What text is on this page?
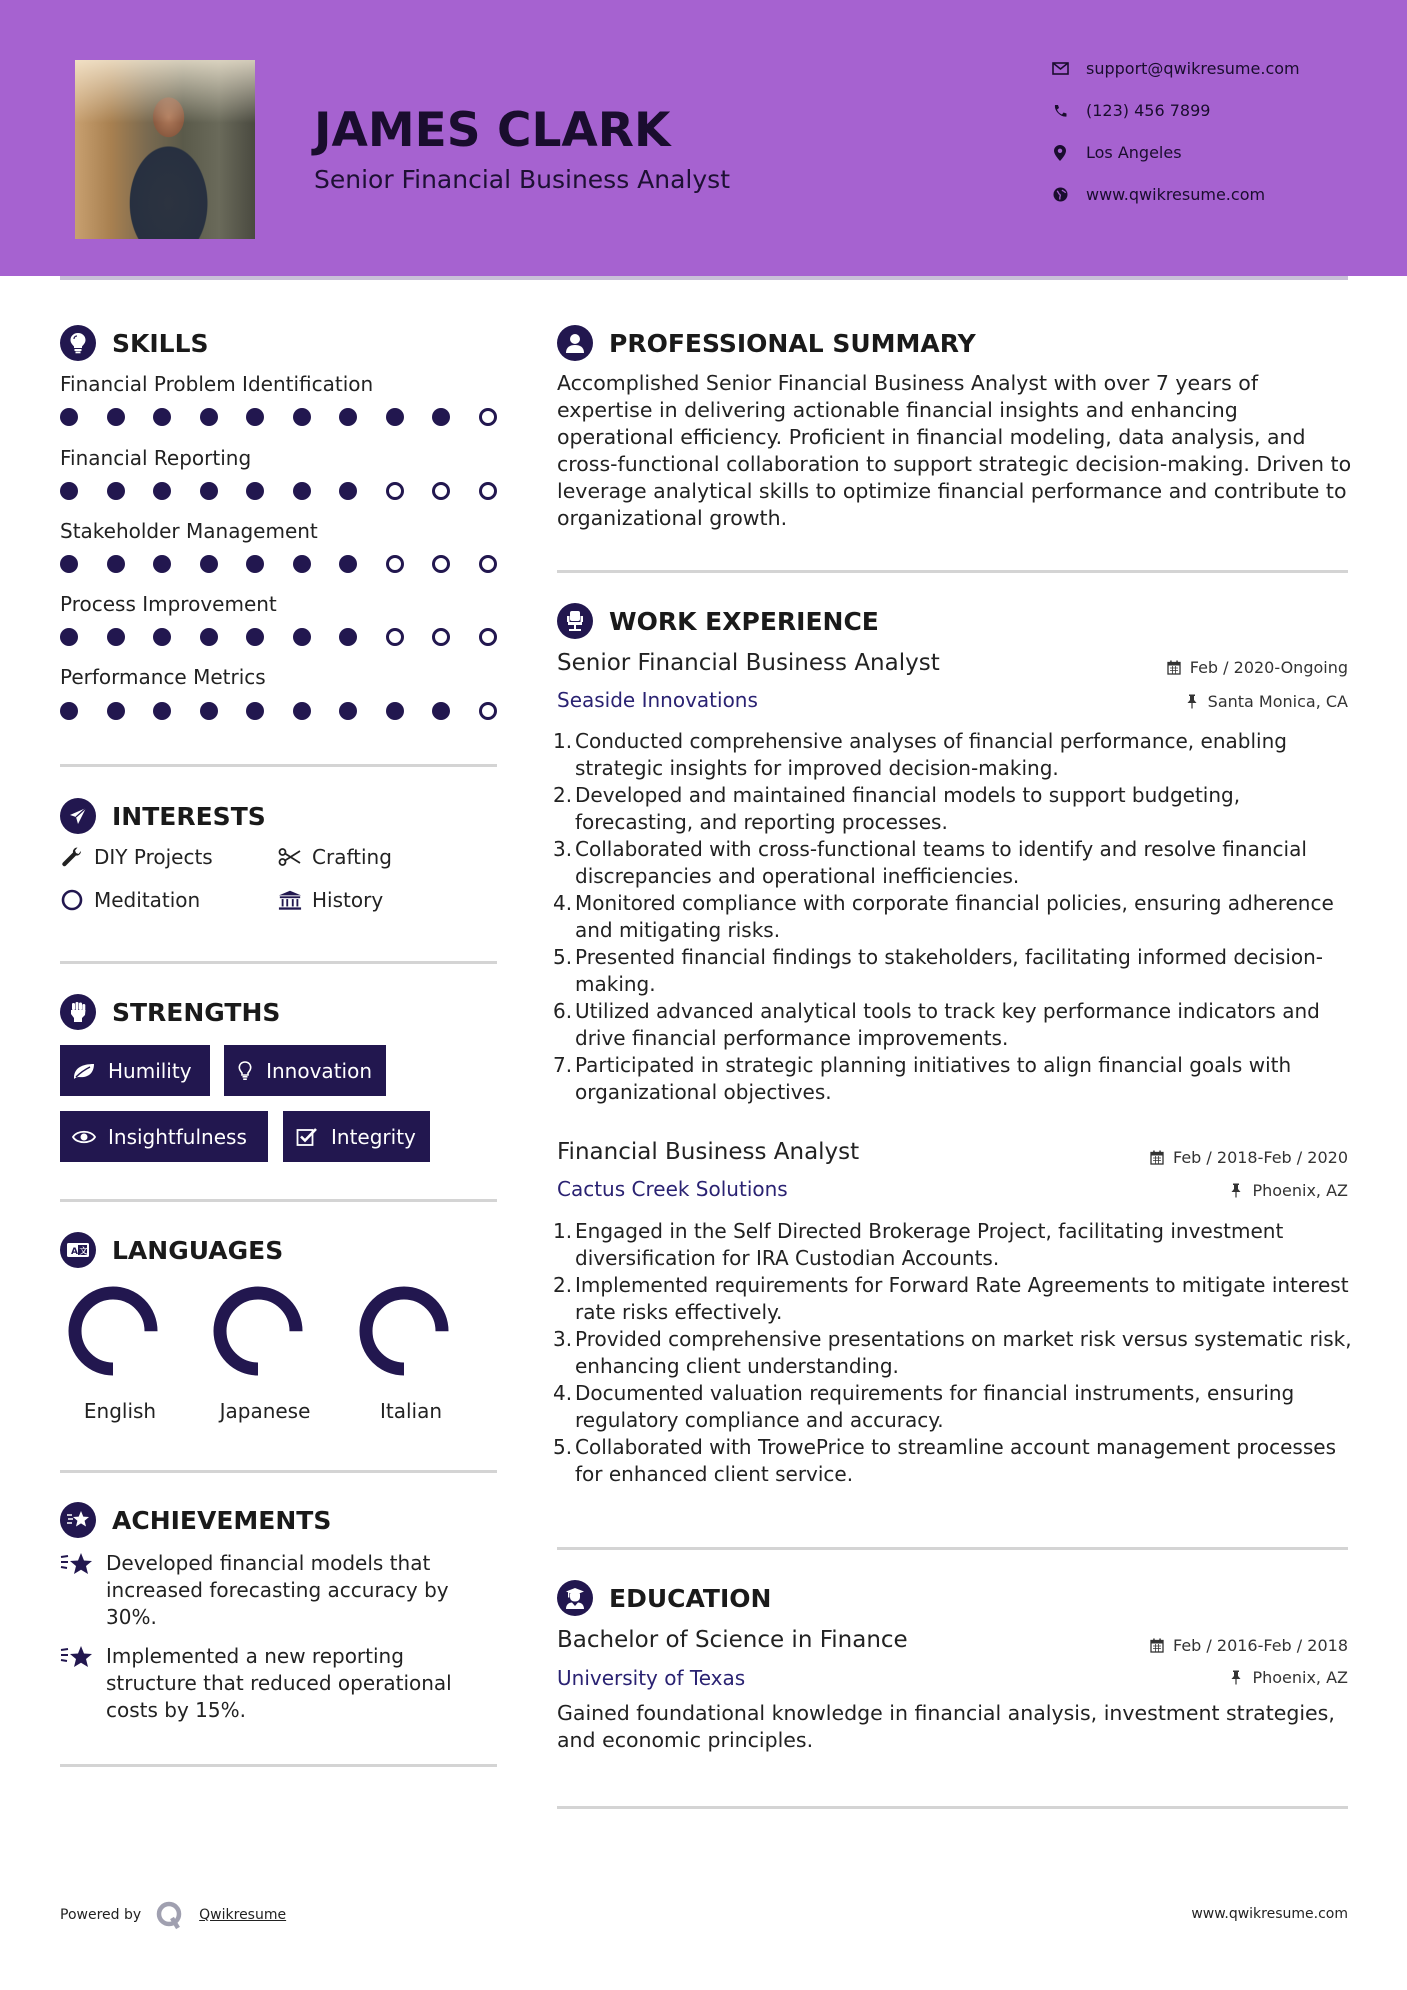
JAMES CLARK
Senior Financial Business Analyst
support@qwikresume.com
(123) 456 7899
Los Angeles
www.qwikresume.com
SKILLS
Financial Problem Identification
Financial Reporting
Stakeholder Management
Process Improvement
Performance Metrics
INTERESTS
DIY Projects	Crafting
Meditation	History
STRENGTHS
Humility	Innovation
Insightfulness	Integrity
A 文 LANGUAGES
English	Japanese	Italian
ACHIEVEMENTS
Developed financial models that increased forecasting accuracy by 30%.
Implemented a new reporting structure that reduced operational costs by 15%.
PROFESSIONAL SUMMARY
Accomplished Senior Financial Business Analyst with over 7 years of expertise in delivering actionable financial insights and enhancing operational efficiency. Proficient in financial modeling, data analysis, and cross-functional collaboration to support strategic decision-making. Driven to leverage analytical skills to optimize financial performance and contribute to organizational growth.
WORK EXPERIENCE
Senior Financial Business Analyst	Feb / 2020-Ongoing
Seaside Innovations	Santa Monica, CA
1. Conducted comprehensive analyses of financial performance, enabling strategic insights for improved decision-making.
2. Developed and maintained financial models to support budgeting, forecasting, and reporting processes.
3. Collaborated with cross-functional teams to identify and resolve financial discrepancies and operational inefficiencies.
4. Monitored compliance with corporate financial policies, ensuring adherence and mitigating risks.
5. Presented financial findings to stakeholders, facilitating informed decision-making.
6. Utilized advanced analytical tools to track key performance indicators and drive financial performance improvements.
7. Participated in strategic planning initiatives to align financial goals with organizational objectives.
Financial Business Analyst	Feb / 2018-Feb / 2020
Cactus Creek Solutions	Phoenix, AZ
1. Engaged in the Self Directed Brokerage Project, facilitating investment diversification for IRA Custodian Accounts.
2. Implemented requirements for Forward Rate Agreements to mitigate interest rate risks effectively.
3. Provided comprehensive presentations on market risk versus systematic risk, enhancing client understanding.
4. Documented valuation requirements for financial instruments, ensuring regulatory compliance and accuracy.
5. Collaborated with TrowePrice to streamline account management processes for enhanced client service.
EDUCATION
Bachelor of Science in Finance	Feb / 2016-Feb / 2018
University of Texas	Phoenix, AZ
Gained foundational knowledge in financial analysis, investment strategies, and economic principles.
Powered by	Qwikresume	www.qwikresume.com
